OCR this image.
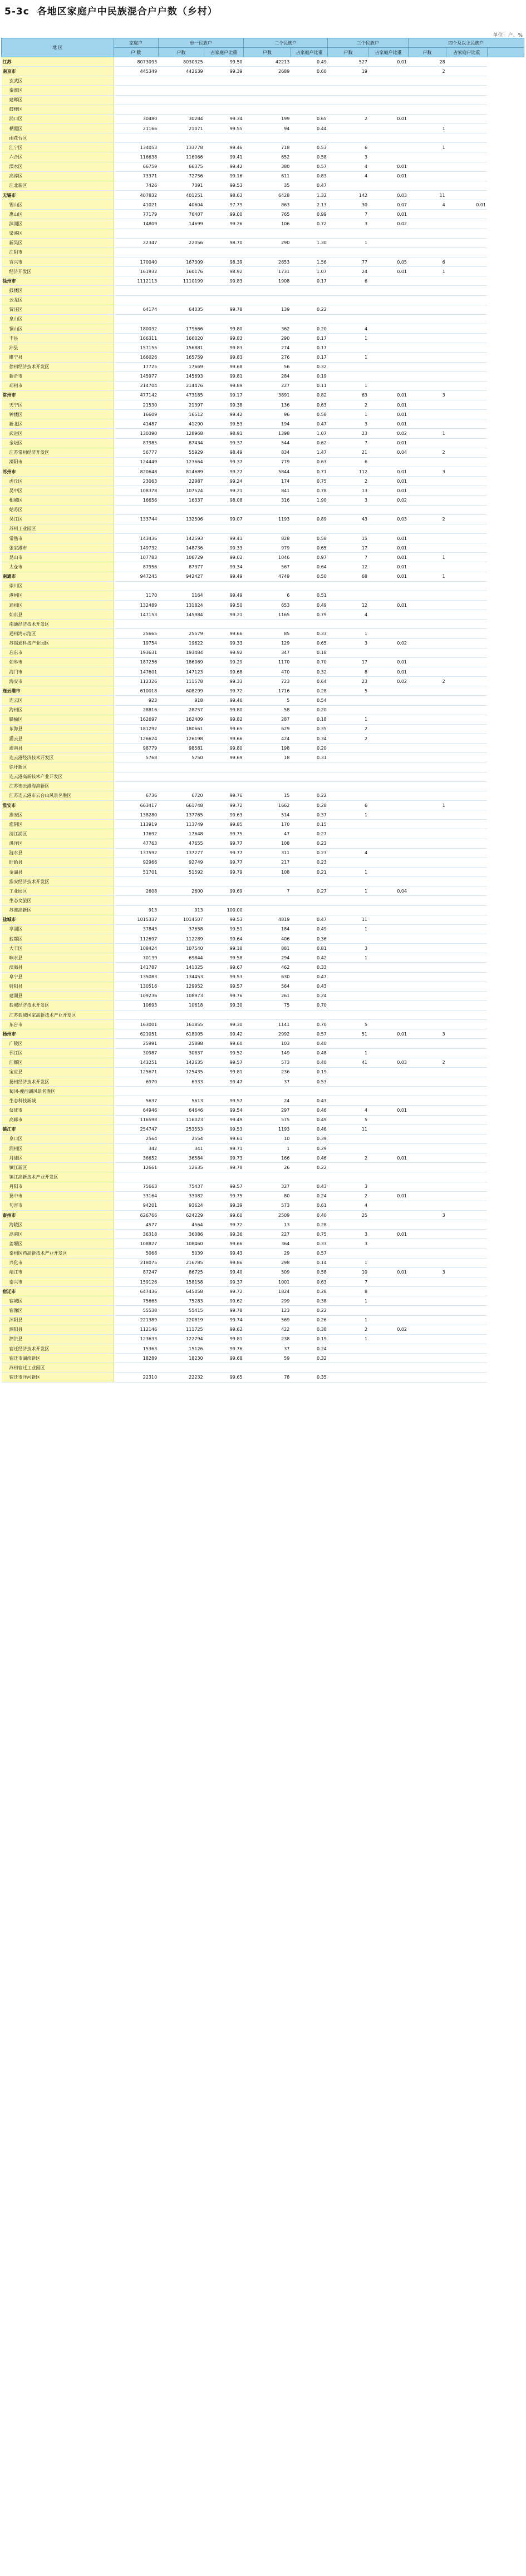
5-3c 各地区家庭户中民族混合户户数（乡村）
单位：户、%
地 区	家庭户	单一民族户		二个民族户		三个民族户		四个及以上民族户		
	户 数	户数	占家庭户比重	户数	占家庭户比重	户数	占家庭户比重	户数	占家庭户比重	
江苏	8073093	8030325	99.50	42213	0.49	527	0.01	28		
南京市	445349	442639	99.39	2689	0.60	19		2		
玄武区										
秦淮区										
建邺区										
鼓楼区										
浦口区	30480	30284	99.34	199	0.65	2	0.01			
栖霞区	21166	21071	99.55	94	0.44			1		
雨花台区										
江宁区	134053	133778	99.46	718	0.53	6		1		
六合区	116638	116066	99.41	652	0.58	3				
溧水区	66759	66375	99.42	380	0.57	4	0.01			
高淳区	73371	72756	99.16	611	0.83	4	0.01			
江北新区	7426	7391	99.53	35	0.47					
无锡市	407832	401251	98.63	6428	1.32	142	0.03	11		
锡山区	41021	40604	97.79	863	2.13	30	0.07	4	0.01	
惠山区	77179	76407	99.00	765	0.99	7	0.01			
滨湖区	14809	14699	99.26	106	0.72	3	0.02			
梁溪区										
新吴区	22347	22056	98.70	290	1.30	1				
江阴市										
宜兴市	170040	167309	98.39	2653	1.56	77	0.05	6		
经济开发区	161932	160176	98.92	1731	1.07	24	0.01	1		
徐州市	1112113	1110199	99.83	1908	0.17	6				
鼓楼区										
云龙区										
贾汪区	64174	64035	99.78	139	0.22					
泉山区										
铜山区	180032	179666	99.80	362	0.20	4				
丰县	166311	166020	99.83	290	0.17	1				
沛县	157155	156881	99.83	274	0.17					
睢宁县	166026	165759	99.83	276	0.17	1				
徐州经济技术开发区	17725	17669	99.68	56	0.32					
新沂市	145977	145693	99.81	284	0.19					
邳州市	214704	214476	99.89	227	0.11	1				
常州市	477142	473185	99.17	3891	0.82	63	0.01	3		
天宁区	21530	21397	99.38	136	0.63	2	0.01			
钟楼区	16609	16512	99.42	96	0.58	1	0.01			
新北区	41487	41290	99.53	194	0.47	3	0.01			
武进区	130390	128968	98.91	1398	1.07	23	0.02	1		
金坛区	87985	87434	99.37	544	0.62	7	0.01			
江苏常州经济开发区	56777	55929	98.49	834	1.47	21	0.04	2		
溧阳市	124449	123664	99.37	779	0.63	6				
苏州市	820648	814689	99.27	5844	0.71	112	0.01	3		
虎丘区	23063	22987	99.24	174	0.75	2	0.01			
吴中区	108378	107524	99.21	841	0.78	13	0.01			
相城区	16656	16337	98.08	316	1.90	3	0.02			
姑苏区										
吴江区	133744	132506	99.07	1193	0.89	43	0.03	2		
苏州工业园区										
常熟市	143436	142593	99.41	828	0.58	15	0.01			
张家港市	149732	148736	99.33	979	0.65	17	0.01			
昆山市	107783	106729	99.02	1046	0.97	7	0.01	1		
太仓市	87956	87377	99.34	567	0.64	12	0.01			
南通市	947245	942427	99.49	4749	0.50	68	0.01	1		
崇川区										
港闸区	1170	1164	99.49	6	0.51					
通州区	132489	131824	99.50	653	0.49	12	0.01			
如东县	147153	145984	99.21	1165	0.79	4				
南通经济技术开发区										
通州湾示范区	25665	25579	99.66	85	0.33	1				
苏锡通科技产业园区	19754	19622	99.33	129	0.65	3	0.02			
启东市	193631	193484	99.92	347	0.18					
如皋市	187256	186069	99.29	1170	0.70	17	0.01			
海门市	147601	147123	99.68	470	0.32	8	0.01			
海安市	112326	111578	99.33	723	0.64	23	0.02	2		
连云港市	610018	608299	99.72	1716	0.28	5				
连云区	923	918	99.46	5	0.54					
海州区	28816	28757	99.80	58	0.20					
赣榆区	162697	162409	99.82	287	0.18	1				
东海县	181292	180661	99.65	629	0.35	2				
灌云县	126624	126198	99.66	424	0.34	2				
灌南县	98779	98581	99.80	198	0.20					
连云港经济技术开发区	5768	5750	99.69	18	0.31					
徐圩新区										
连云港高新技术产业开发区										
江苏连云港海滨新区										
江苏连云港市云台山风景名胜区	6736	6720	99.76	15	0.22					
淮安市	663417	661748	99.72	1662	0.28	6		1		
淮安区	138280	137765	99.63	514	0.37	1				
淮阴区	113919	113749	99.85	170	0.15					
清江浦区	17692	17648	99.75	47	0.27					
洪泽区	47763	47655	99.77	108	0.23					
涟水县	137592	137277	99.77	311	0.23	4				
盱眙县	92966	92749	99.77	217	0.23					
金湖县	51701	51592	99.79	108	0.21	1				
淮安经济技术开发区										
工业园区	2608	2600	99.69	7	0.27	1	0.04			
生态文旅区										
苏淮高新区	913	913	100.00							
盐城市	1015337	1014507	99.53	4819	0.47	11				
亭湖区	37843	37658	99.51	184	0.49	1				
盐都区	112697	112289	99.64	406	0.36					
大丰区	108424	107540	99.18	881	0.81	3				
响水县	70139	69844	99.58	294	0.42	1				
滨海县	141787	141325	99.67	462	0.33					
阜宁县	135083	134453	99.53	630	0.47					
射阳县	130516	129952	99.57	564	0.43					
建湖县	109236	108973	99.76	261	0.24					
盐城经济技术开发区	10693	10618	99.30	75	0.70					
江苏盐城国家高新技术产业开发区										
东台市	163001	161855	99.30	1141	0.70	5				
扬州市	621051	618005	99.42	2992	0.57	51	0.01	3		
广陵区	25991	25888	99.60	103	0.40					
邗江区	30987	30837	99.52	149	0.48	1				
江都区	143251	142635	99.57	573	0.40	41	0.03	2		
宝应县	125671	125435	99.81	236	0.19					
扬州经济技术开发区	6970	6933	99.47	37	0.53					
蜀冈-瘦西湖风景名胜区										
生态科技新城	5637	5613	99.57	24	0.43					
仪征市	64946	64646	99.54	297	0.46	4	0.01			
高邮市	116598	116023	99.49	575	0.49	5				
镇江市	254747	253553	99.53	1193	0.46	11				
京口区	2564	2554	99.61	10	0.39					
润州区	342	341	99.71	1	0.29					
丹徒区	36652	36584	99.73	166	0.46	2	0.01			
镇江新区	12661	12635	99.78	26	0.22					
镇江高新技术产业开发区										
丹阳市	75663	75437	99.57	327	0.43	3				
扬中市	33164	33082	99.75	80	0.24	2	0.01			
句容市	94201	93624	99.39	573	0.61	4				
泰州市	626766	624229	99.60	2509	0.40	25		3		
海陵区	4577	4564	99.72	13	0.28					
高港区	36318	36086	99.36	227	0.75	3	0.01			
姜堰区	108827	108460	99.66	364	0.33	3				
泰州医药高新技术产业开发区	5068	5039	99.43	29	0.57					
兴化市	218075	216785	99.86	298	0.14	1				
靖江市	87247	86725	99.40	509	0.58	10	0.01	3		
泰兴市	159126	158158	99.37	1001	0.63	7				
宿迁市	647436	645058	99.72	1824	0.28	8				
宿城区	75665	75283	99.62	299	0.38	1				
宿豫区	55538	55415	99.78	123	0.22					
沭阳县	221389	220819	99.74	569	0.26	1				
泗阳县	112146	111725	99.62	422	0.38	2	0.02			
泗洪县	123633	122794	99.81	238	0.19	1				
宿迁经济技术开发区	15363	15126	99.76	37	0.24					
宿迁市湖滨新区	18289	18230	99.68	59	0.32					
苏州宿迁工业园区										
宿迁市洋河新区	22310	22232	99.65	78	0.35					
